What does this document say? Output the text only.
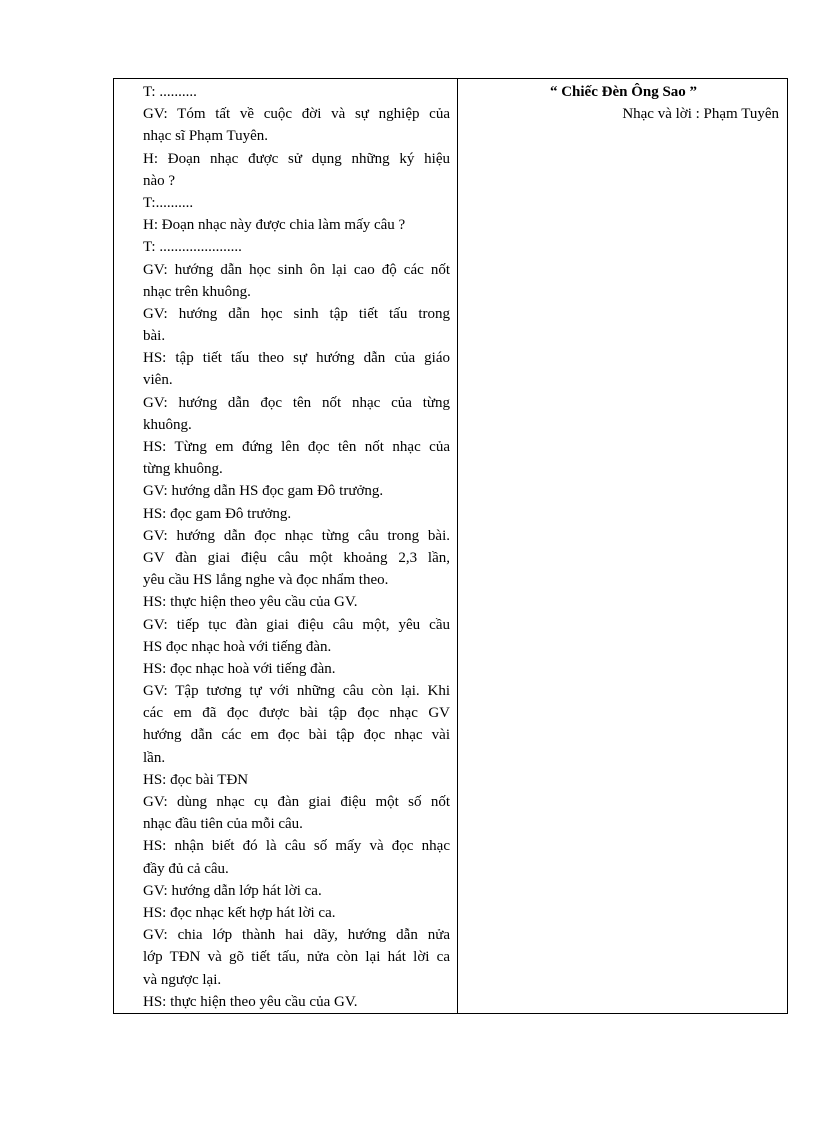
T: ..........
GV: Tóm tất về cuộc đời và sự nghiệp của
nhạc sĩ Phạm Tuyên.
H: Đoạn nhạc được sử dụng những ký hiệu
nào ?
T:..........
H: Đoạn nhạc này được chia làm mấy câu ?
T: ......................
GV: hướng dẫn học sinh ôn lại cao độ các nốt
nhạc trên khuông.
GV: hướng dẫn học sinh tập tiết tấu trong
bài.
HS: tập tiết tấu theo sự hướng dẫn của giáo
viên.
GV: hướng dẫn đọc tên nốt nhạc của từng
khuông.
HS: Từng em đứng lên đọc tên nốt nhạc của
từng khuông.
GV: hướng dẫn HS đọc gam Đô trưởng.
HS: đọc gam Đô trưởng.
GV: hướng dẫn đọc nhạc từng câu trong bài.
GV đàn giai điệu câu một khoảng 2,3 lần,
yêu cầu HS lắng nghe và đọc nhẩm theo.
HS: thực hiện theo yêu cầu của GV.
GV: tiếp tục đàn giai điệu câu một, yêu cầu
HS đọc nhạc hoà với tiếng đàn.
HS: đọc nhạc hoà với tiếng đàn.
GV: Tập tương tự với những câu còn lại. Khi
các em đã đọc được bài tập đọc nhạc GV
hướng dẫn các em đọc bài tập đọc nhạc vài
lần.
HS: đọc bài TĐN
GV: dùng nhạc cụ đàn giai điệu một số nốt
nhạc đầu tiên của mỗi câu.
HS: nhận biết đó là câu số mấy và đọc nhạc
đầy đủ cả câu.
GV: hướng dẫn lớp hát lời ca.
HS: đọc nhạc kết hợp hát lời ca.
GV: chia lớp thành hai dãy, hướng dẫn nửa
lớp TĐN và gõ tiết tấu, nửa còn lại hát lời ca
và ngược lại.
HS: thực hiện theo yêu cầu của GV.
“ Chiếc Đèn Ông Sao ”
Nhạc và lời : Phạm Tuyên
